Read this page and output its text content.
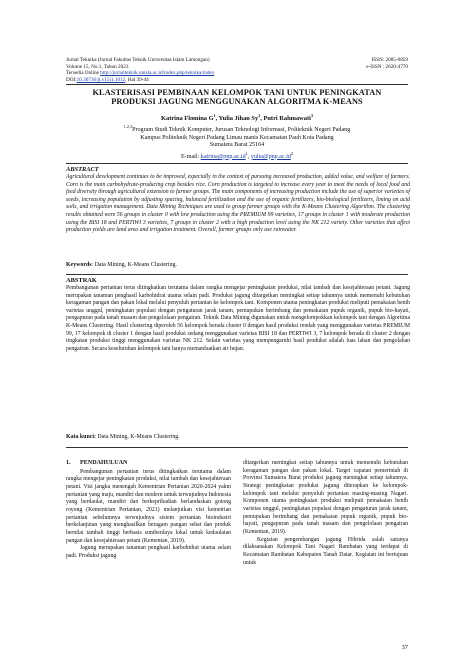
Jurnal Teknika (Jurnal Fakultas Teknik Universitas Islam Lamongan)	ISSN: 2085-0859
Volume 15, No.1, Tahun 2023	e-ISSN : 2620-4770
Tersedia Online http://jurnalteknik.unisla.ac.id/index.php/teknika/index
DOI:10.30736/jt.v15i1.1012, Hal 39-44
KLASTERISASI PEMBINAAN KELOMPOK TANI UNTUK PENINGKATAN
PRODUKSI JAGUNG MENGGUNAKAN ALGORITMA K-MEANS
Katrina Flomina $G^1$, Yulia Jihan Sy$^2$, Putri Rahmawati$^3$
$^{1,2,3}$Program Studi Teknik Komputer, Jurusan Teknologi Informasi, Politeknik Negeri Padang
Kampus Politeknik Negeri Padang Limau manis Kecamatan Pauh Kota Padang
Sumatera Barat 25164
E-mail: $katrina@pnp.ac.id^1$, $yulia@pnp.ac.id^2$
ABSTRACT
Agricultural development continues to be improved, especially in the context of pursuing increased production, added value, and welfare of farmers. Corn is the main carbohydrate-producing crop besides rice. Corn production is targeted to increase every year to meet the needs of local food and feed diversity through agricultural extension to farmer groups. The main components of increasing production include the use of superior varieties of seeds, increasing population by adjusting spacing, balanced fertilization and the use of organic fertilizers, bio-biological fertilizers, liming on acid soils, and irrigation management. Data Mining Techniques are used to group farmer groups with the K-Means Clustering Algorithm. The clustering results obtained were 56 groups in cluster 0 with low production using the PREMIUM 99 varieties, 17 groups in cluster 1 with moderate production using the BISI 18 and PERTIWI 3 varieties, 7 groups in cluster 2 with a high production level using the NK 212 variety. Other varieties that affect production yields are land area and irrigation treatment. Overall, farmer groups only use rainwater.
Keywords: Data Mining, K-Means Clustering.
ABSTRAK
Pembangunan pertanian terus ditingkatkan terutama dalam rangka mengejar peningkatan produksi, nilai tambah dan kesejahteraan petani. Jagung merupakan tanaman penghasil karbohidrat utama selain padi. Produksi jagung ditargetkan meningkat setiap tahunnya untuk memenuhi kebutuhan keragaman pangan dan pakan lokal melalui penyuluh pertanian ke kelompok tani. Komponen utama peningkatan produksi meliputi pemakaian benih varietas unggul, peningkatan populasi dengan pengaturan jarak tanam, pemupukan berimbang dan pemakaian pupuk organik, pupuk bio-hayati, pengapuran pada tanah masam dan pengelolaan pengairan. Teknik Data Mining digunakan untuk mengelompokkan kelompok tani dengan Algoritma K-Means Clustering. Hasil clustering diperoleh 56 kelompok berada cluster 0 dengan hasil produksi rendah yang menggunakan varietas PREMIUM 99, 17 kelompok di cluster 1 dengan hasil produksi sedang menggunakan varietas BISI 18 dan PERTIWI 3, 7 kelompok berada di cluster 2 dengan tingkatan produksi tinggi menggunakan varietas NK 212. Selain varietas yang mempengaruhi hasil produksi adalah luas lahan dan pengolahan pengairan. Secara keseluruhan kelompok tani hanya memanfaatkan air hujan.
Kata kunci: Data Mining, K-Means Clustering.
1.	PENDAHULUAN

Pembangunan pertanian terus ditingkatkan terutama dalam rangka mengejar peningkatan produksi, nilai tambah dan kesejahteraan petani. Visi jangka menengah Kementrian Pertanian 2020-2024 yakni pertanian yang maju, mandiri dan modern untuk terwujudnya Indonesia yang berdaulat, mandiri dan berkepribadian berlandaskan gotong royong (Kementrian Pertanian, 2021) melanjutkan visi kemetrian pertanian sebelumnya terwujudnya sistem pertanian bioindustri berkelanjutan yang menghasilkan beragam pangan sehat dan produk bernilai tambah tinggi berbasis sumberdaya lokal untuk kedaulatan pangan dan kesejahteraan petani (Kementan, 2019).

Jagung merupakan tanaman penghasil karbohidrat utama selain padi. Produksi jagung

ditargetkan meningkat setiap tahunnya untuk memenuhi kebutuhan keragaman pangan dan pakan lokal. Target capaian pemerintah di Provinsi Sumatera Barat produksi jagung meningkat setiap tahunnya. Strategi peningkatan produksi jagung diterapkan ke kelompok-kelompok tani melalui penyuluh pertanian masing-masing Nagari. Komponen utama peningkatan produksi meliputi pemakaian benih varietas unggul, peningkatan populasi dengan pengaturan jarak tanam, pemupukan berimbang dan pemakaian pupuk organik, pupuk bio-hayati, pengapuran pada tanah masam dan pengelolaan pengairan (Kementan, 2019).

Kegiatan pengembangan jagung Hibrida salah satunya dilaksanakan Kelompok Tani Nagari Rambatan yang terdapat di Kecamatan Rambatan Kabupaten Tanah Datar. Kegiatan ini bertujuan untuk

37
